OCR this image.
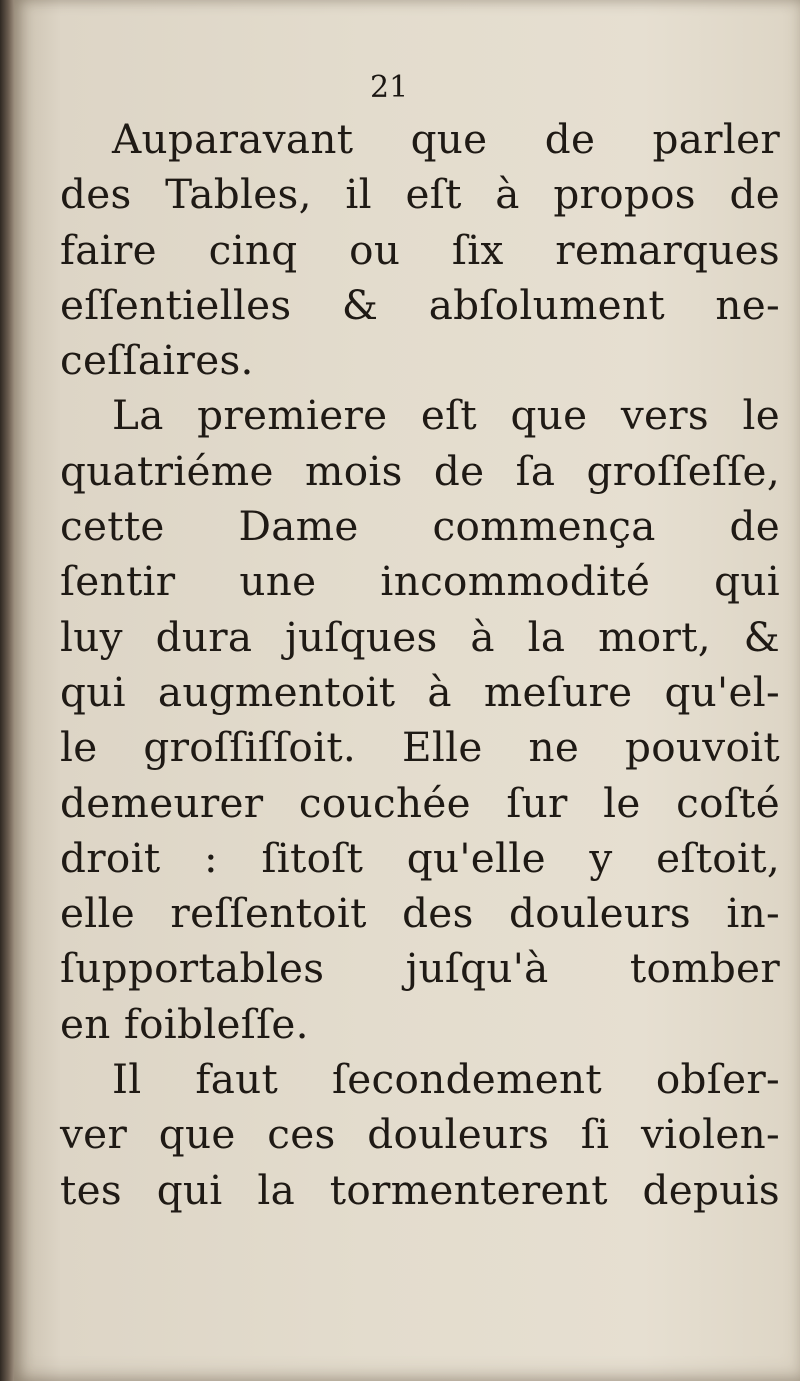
21
Auparavant que de parler
des Tables, il eſt à propos de
faire cinq ou ſix remarques
eſſentielles & abſolument ne-
ceſſaires.
La premiere eſt que vers le
quatriéme mois de ſa groſſeſſe,
cette Dame commença de
ſentir une incommodité qui
luy dura juſques à la mort, &
qui augmentoit à meſure qu'el-
le groſſiſſoit. Elle ne pouvoit
demeurer couchée ſur le coſté
droit : ſitoſt qu'elle y eſtoit,
elle reſſentoit des douleurs in-
ſupportables juſqu'à tomber
en foibleſſe.
Il faut ſecondement obſer-
ver que ces douleurs ſi violen-
tes qui la tormenterent depuis
